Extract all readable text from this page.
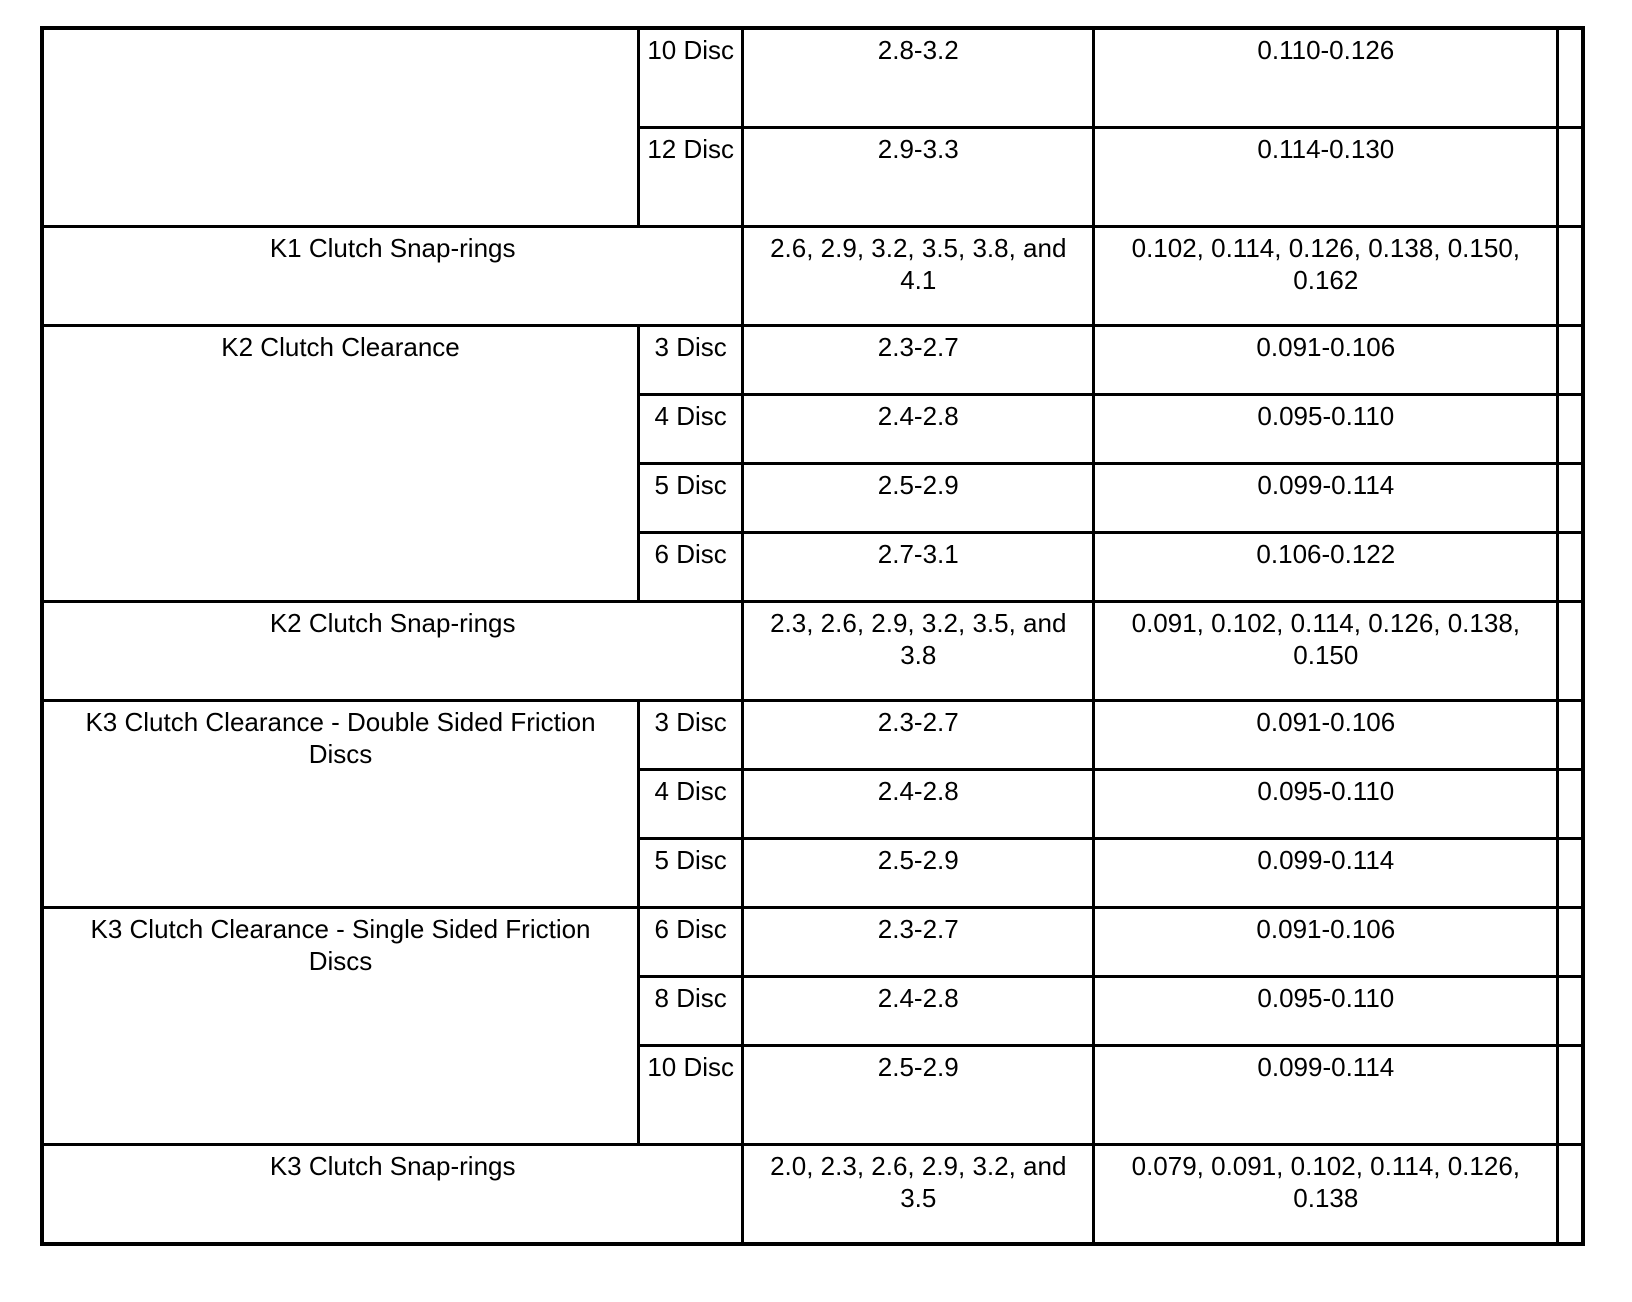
	10 Disc	2.8-3.2	0.110-0.126	
	12 Disc	2.9-3.3	0.114-0.130	
K1 Clutch Snap-rings		2.6, 2.9, 3.2, 3.5, 3.8, and 4.1	0.102, 0.114, 0.126, 0.138, 0.150, 0.162	
K2 Clutch Clearance	3 Disc	2.3-2.7	0.091-0.106	
	4 Disc	2.4-2.8	0.095-0.110	
	5 Disc	2.5-2.9	0.099-0.114	
	6 Disc	2.7-3.1	0.106-0.122	
K2 Clutch Snap-rings		2.3, 2.6, 2.9, 3.2, 3.5, and 3.8	0.091, 0.102, 0.114, 0.126, 0.138, 0.150	
K3 Clutch Clearance - Double Sided Friction Discs	3 Disc	2.3-2.7	0.091-0.106	
	4 Disc	2.4-2.8	0.095-0.110	
	5 Disc	2.5-2.9	0.099-0.114	
K3 Clutch Clearance - Single Sided Friction Discs	6 Disc	2.3-2.7	0.091-0.106	
	8 Disc	2.4-2.8	0.095-0.110	
	10 Disc	2.5-2.9	0.099-0.114	
K3 Clutch Snap-rings		2.0, 2.3, 2.6, 2.9, 3.2, and 3.5	0.079, 0.091, 0.102, 0.114, 0.126, 0.138	
